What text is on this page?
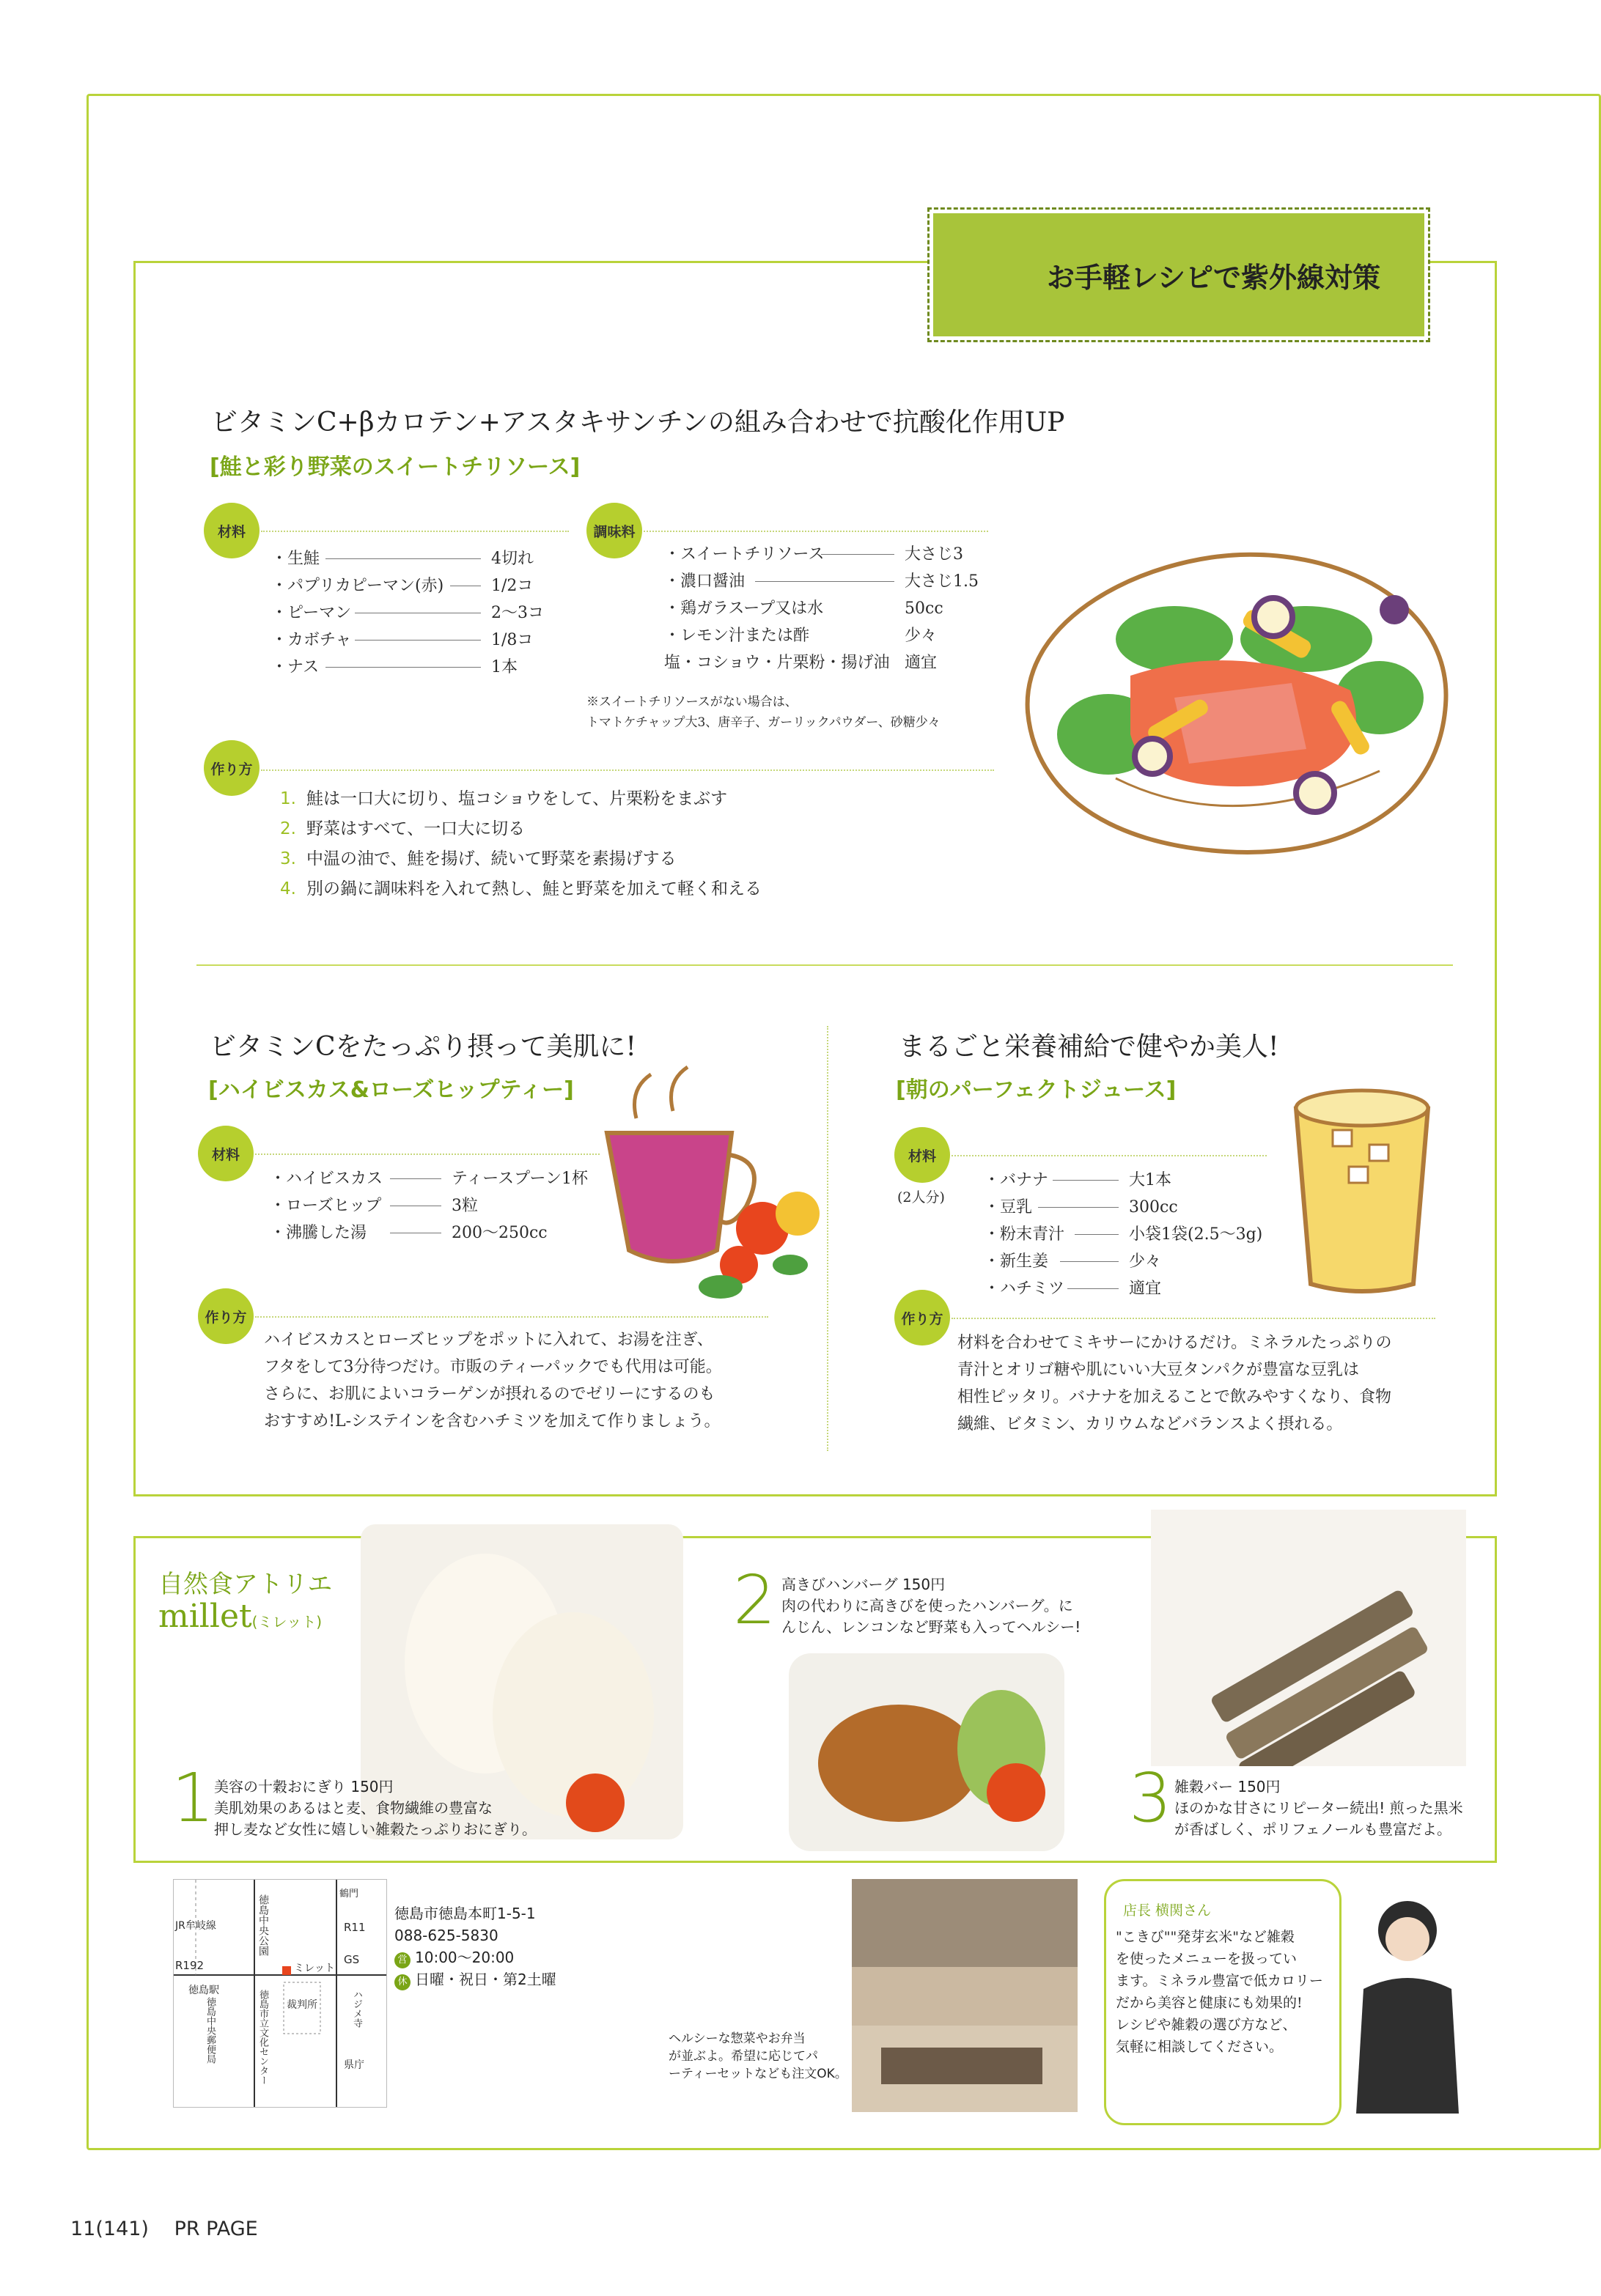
お手軽レシピで紫外線対策
ビタミンC+βカロテン+アスタキサンチンの組み合わせで抗酸化作用UP
[鮭と彩り野菜のスイートチリソース]
材料
・生鮭	4切れ
・パプリカピーマン(赤)	1/2コ
・ピーマン	2〜3コ
・カボチャ	1/8コ
・ナス	1本
調味料
・スイートチリソース	大さじ3
・濃口醤油	大さじ1.5
・鶏ガラスープ又は水	50cc
・レモン汁または酢	少々
塩・コショウ・片栗粉・揚げ油 適宜
※スイートチリソースがない場合は、
トマトケチャップ大3、唐辛子、ガーリックパウダー、砂糖少々
作り方
1. 鮭は一口大に切り、塩コショウをして、片栗粉をまぶす
2. 野菜はすべて、一口大に切る
3. 中温の油で、鮭を揚げ、続いて野菜を素揚げする
4. 別の鍋に調味料を入れて熱し、鮭と野菜を加えて軽く和える
ビタミンCをたっぷり摂って美肌に!
[ハイビスカス&ローズヒップティー]
材料
・ハイビスカス	ティースプーン1杯
・ローズヒップ	3粒
・沸騰した湯	200〜250cc
作り方
ハイビスカスとローズヒップをポットに入れて、お湯を注ぎ、
フタをして3分待つだけ。市販のティーパックでも代用は可能。
さらに、お肌によいコラーゲンが摂れるのでゼリーにするのも
おすすめ!L-システインを含むハチミツを加えて作りましょう。
まるごと栄養補給で健やか美人!
[朝のパーフェクトジュース]
材料
(2人分)
・バナナ	大1本
・豆乳	300cc
・粉末青汁	小袋1袋(2.5〜3g)
・新生姜	少々
・ハチミツ	適宜
作り方
材料を合わせてミキサーにかけるだけ。ミネラルたっぷりの
青汁とオリゴ糖や肌にいい大豆タンパクが豊富な豆乳は
相性ピッタリ。バナナを加えることで飲みやすくなり、食物
繊維、ビタミン、カリウムなどバランスよく摂れる。
自然食アトリエ
millet(ミレット)
1 美容の十穀おにぎり 150円
美肌効果のあるはと麦、食物繊維の豊富な
押し麦など女性に嬉しい雑穀たっぷりおにぎり。
2 高きびハンバーグ 150円
肉の代わりに高きびを使ったハンバーグ。に
んじん、レンコンなど野菜も入ってヘルシー!
3 雑穀バー 150円
ほのかな甘さにリピーター続出! 煎った黒米
が香ばしく、ポリフェノールも豊富だよ。
JR牟岐線
R192
R11
GS
鶴門
徳島中央公園
ミレット
裁判所
徳島駅
徳島中央郵便局	徳島市立文化センター	ハジメ寺
県庁
徳島市徳島本町1-5-1
088-625-5830
営 10:00〜20:00
休 日曜・祝日・第2土曜
ヘルシーな惣菜やお弁当
が並ぶよ。希望に応じてパ
ーティーセットなども注文OK。
店長 横関さん
"こきび""発芽玄米"など雑穀
を使ったメニューを扱ってい
ます。ミネラル豊富で低カロリー
だから美容と健康にも効果的!
レシピや雑穀の選び方など、
気軽に相談してください。
11(141) PR PAGE
